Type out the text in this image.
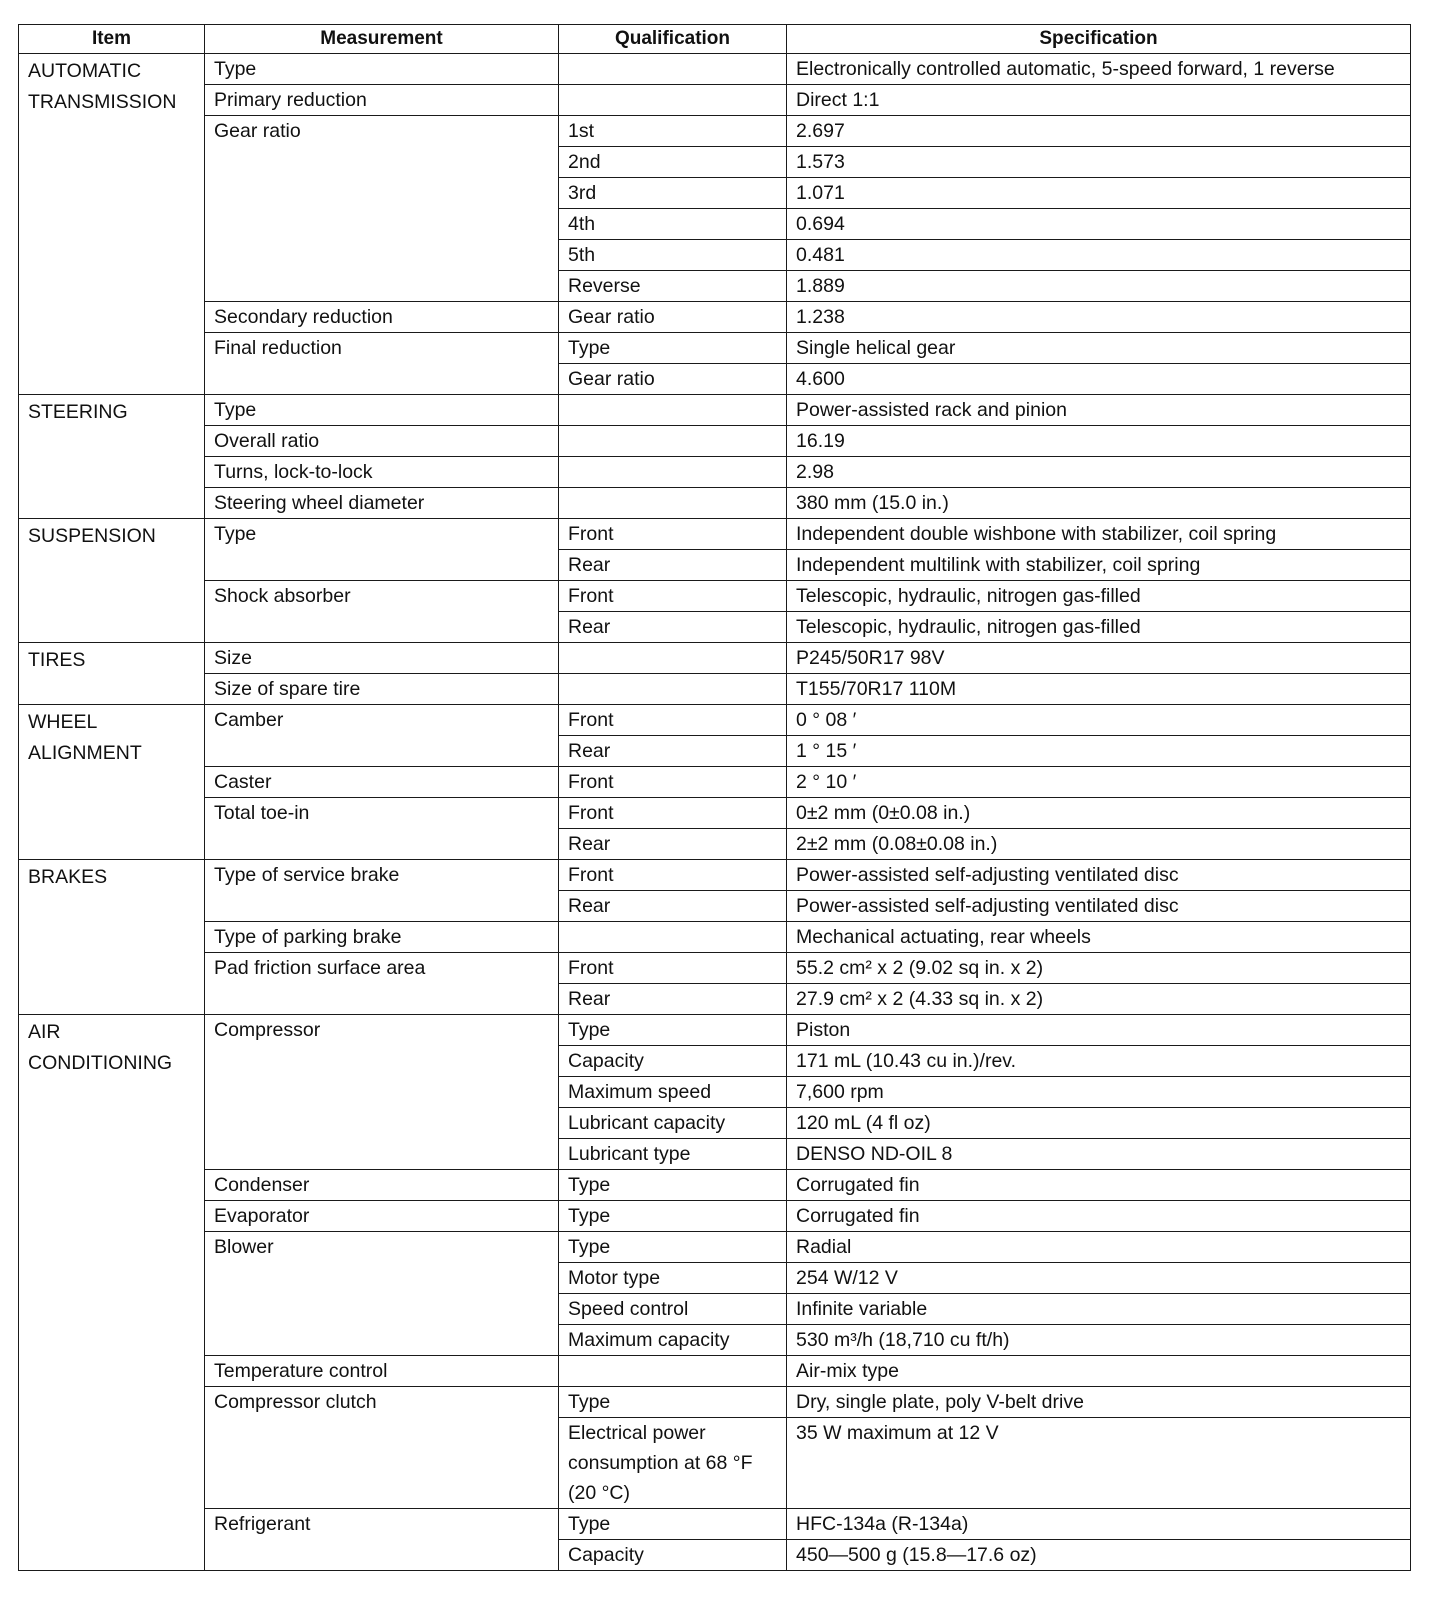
Item	Measurement	Qualification	Specification
AUTOMATIC TRANSMISSION	Type		Electronically controlled automatic, 5-speed forward, 1 reverse
	Primary reduction		Direct 1:1
	Gear ratio	1st	2.697
		2nd	1.573
		3rd	1.071
		4th	0.694
		5th	0.481
		Reverse	1.889
	Secondary reduction	Gear ratio	1.238
	Final reduction	Type	Single helical gear
		Gear ratio	4.600
STEERING	Type		Power-assisted rack and pinion
	Overall ratio		16.19
	Turns, lock-to-lock		2.98
	Steering wheel diameter		380 mm (15.0 in.)
SUSPENSION	Type	Front	Independent double wishbone with stabilizer, coil spring
		Rear	Independent multilink with stabilizer, coil spring
	Shock absorber	Front	Telescopic, hydraulic, nitrogen gas-filled
		Rear	Telescopic, hydraulic, nitrogen gas-filled
TIRES	Size		P245/50R17 98V
	Size of spare tire		T155/70R17 110M
WHEEL ALIGNMENT	Camber	Front	0 ° 08 ′
		Rear	1 ° 15 ′
	Caster	Front	2 ° 10 ′
	Total toe-in	Front	0±2 mm (0±0.08 in.)
		Rear	2±2 mm (0.08±0.08 in.)
BRAKES	Type of service brake	Front	Power-assisted self-adjusting ventilated disc
		Rear	Power-assisted self-adjusting ventilated disc
	Type of parking brake		Mechanical actuating, rear wheels
	Pad friction surface area	Front	55.2 cm² x 2 (9.02 sq in. x 2)
		Rear	27.9 cm² x 2 (4.33 sq in. x 2)
AIR CONDITIONING	Compressor	Type	Piston
		Capacity	171 mL (10.43 cu in.)/rev.
		Maximum speed	7,600 rpm
		Lubricant capacity	120 mL (4 fl oz)
		Lubricant type	DENSO ND-OIL 8
	Condenser	Type	Corrugated fin
	Evaporator	Type	Corrugated fin
	Blower	Type	Radial
		Motor type	254 W/12 V
		Speed control	Infinite variable
		Maximum capacity	530 m³/h (18,710 cu ft/h)
	Temperature control		Air-mix type
	Compressor clutch	Type	Dry, single plate, poly V-belt drive
		Electrical power consumption at 68 °F (20 °C)	35 W maximum at 12 V
	Refrigerant	Type	HFC-134a (R-134a)
		Capacity	450—500 g (15.8—17.6 oz)
